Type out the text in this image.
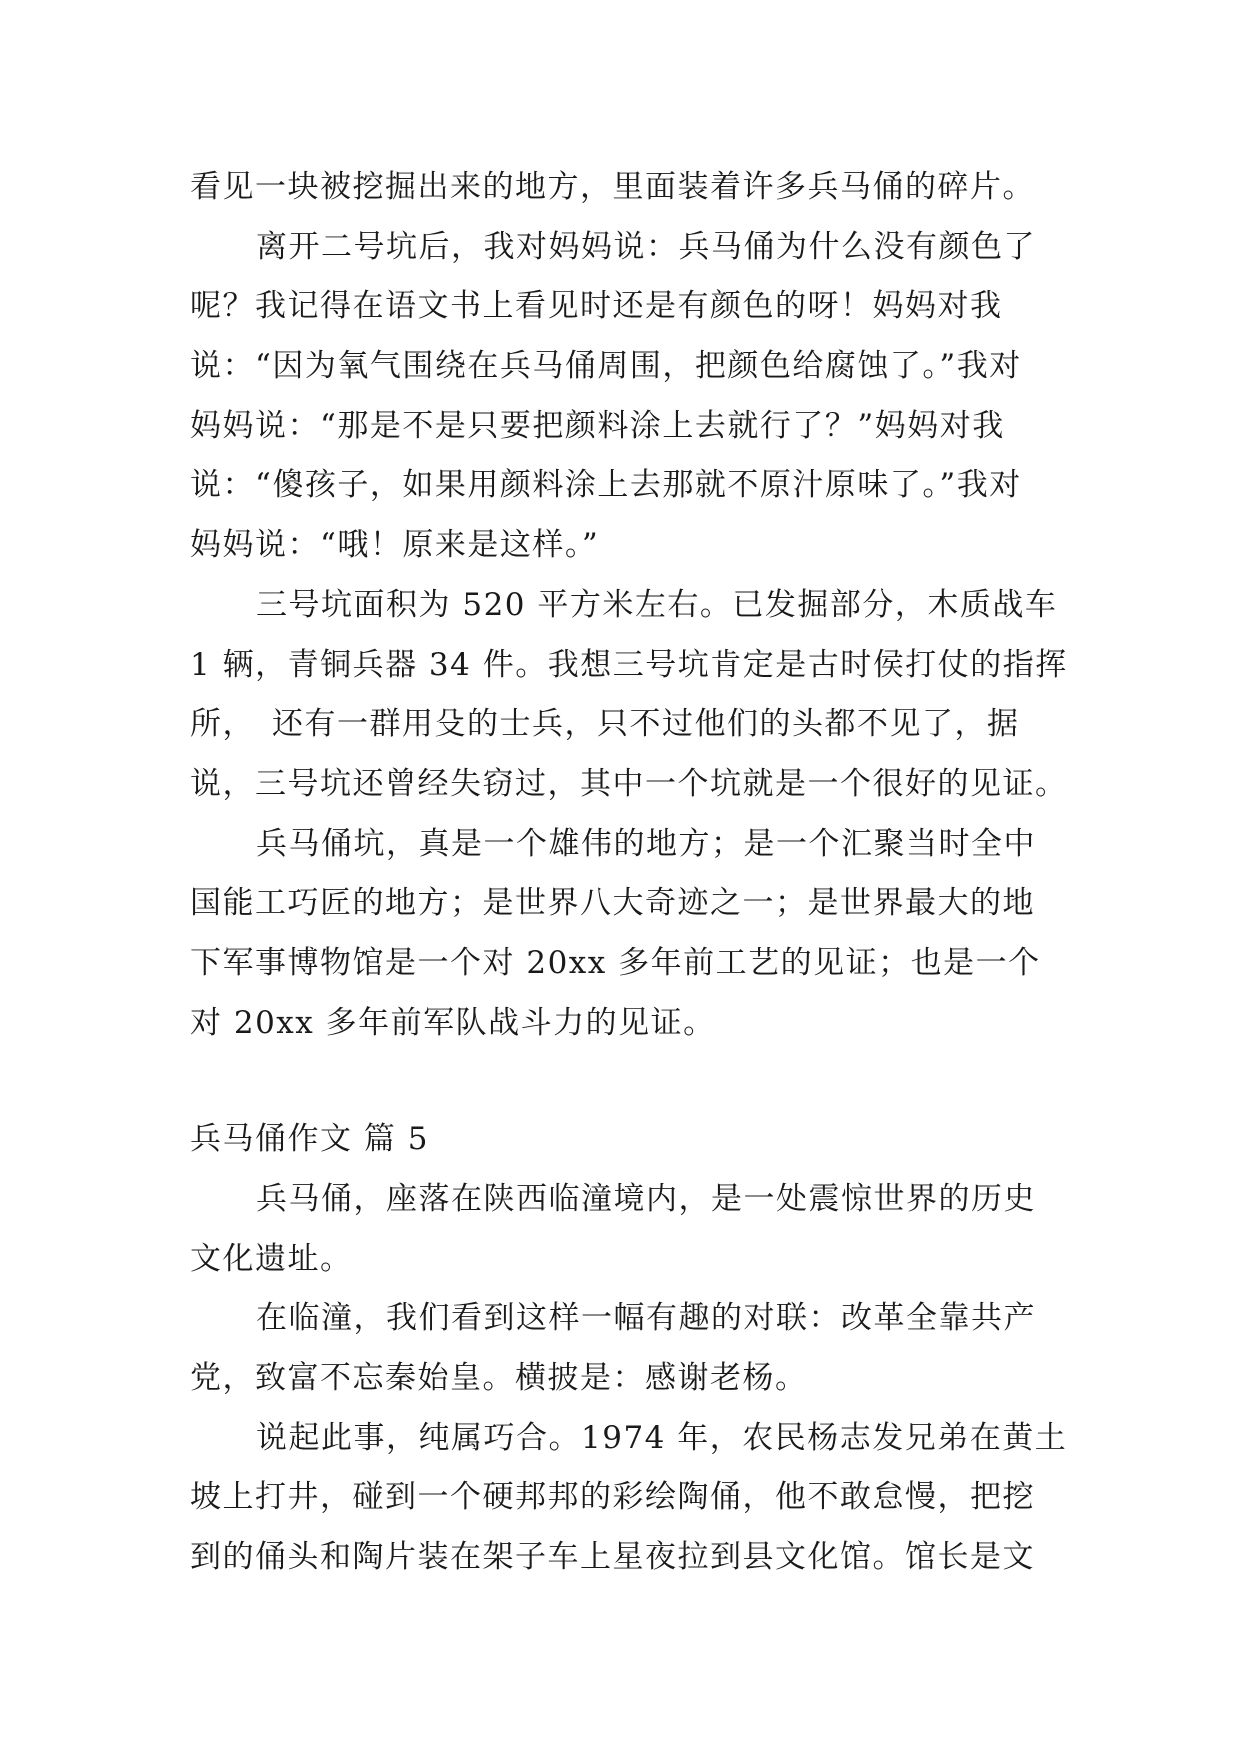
看见一块被挖掘出来的地方，里面装着许多兵马俑的碎片。
离开二号坑后，我对妈妈说：兵马俑为什么没有颜色了
呢？我记得在语文书上看见时还是有颜色的呀！妈妈对我
说：“因为氧气围绕在兵马俑周围，把颜色给腐蚀了。”我对
妈妈说：“那是不是只要把颜料涂上去就行了？”妈妈对我
说：“傻孩子，如果用颜料涂上去那就不原汁原味了。”我对
妈妈说：“哦！原来是这样。”
三号坑面积为 520 平方米左右。已发掘部分，木质战车
1 辆，青铜兵器 34 件。我想三号坑肯定是古时侯打仗的指挥
所，　还有一群用殳的士兵，只不过他们的头都不见了，据
说，三号坑还曾经失窃过，其中一个坑就是一个很好的见证。
兵马俑坑，真是一个雄伟的地方；是一个汇聚当时全中
国能工巧匠的地方；是世界八大奇迹之一；是世界最大的地
下军事博物馆是一个对 20xx 多年前工艺的见证；也是一个
对 20xx 多年前军队战斗力的见证。
兵马俑作文 篇 5
兵马俑，座落在陕西临潼境内，是一处震惊世界的历史
文化遗址。
在临潼，我们看到这样一幅有趣的对联：改革全靠共产
党，致富不忘秦始皇。横披是：感谢老杨。
说起此事，纯属巧合。1974 年，农民杨志发兄弟在黄土
坡上打井，碰到一个硬邦邦的彩绘陶俑，他不敢怠慢，把挖
到的俑头和陶片装在架子车上星夜拉到县文化馆。馆长是文
